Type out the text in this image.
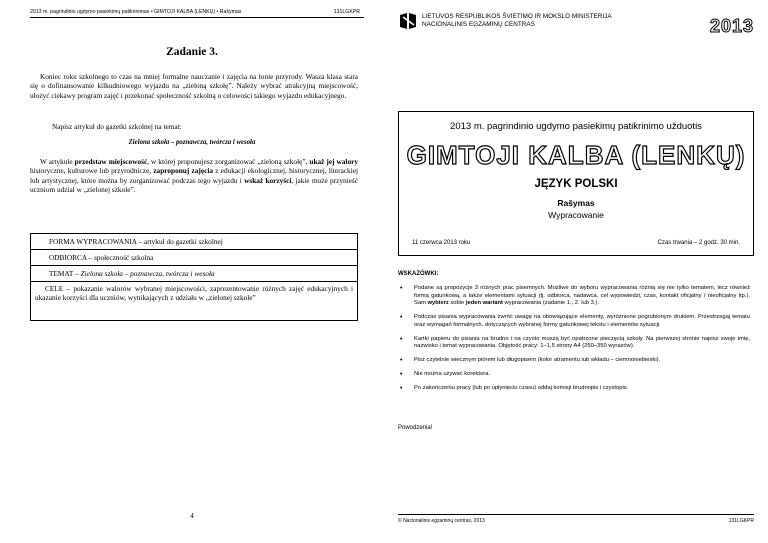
2013 m. pagrindinio ugdymo pasiekimų patikrinimas • GIMTOJI KALBA (LENKŲ) • Rašymas	131LGKPR
Zadanie 3.
Koniec roku szkolnego to czas na mniej formalne nauczanie i zajęcia na łonie przyrody. Wasza klasa stara się o dofinansowanie kilkudniowego wyjazdu na „zieloną szkołę”. Należy wybrać atrakcyjną miejscowość, ułożyć ciekawy program zajęć i przekonać społeczność szkolną o celowości takiego wyjazdu edukacyjnego.
Napisz artykuł do gazetki szkolnej na temat:
Zielona szkoła – poznawcza, twórcza i wesoła
W artykule przedstaw miejscowość, w której proponujesz zorganizować „zieloną szkołę”, ukaż jej walory historyczne, kulturowe lub przyrodnicze, zaproponuj zajęcia z edukacji ekologicznej, historycznej, literackiej lub artystycznej, które można by zorganizować podczas tego wyjazdu i wskaż korzyści, jakie może przynieść uczniom udział w „zielonej szkole”.
FORMA WYPRACOWANIA – artykuł do gazetki szkolnej
ODBIORCA – społeczność szkolna
TEMAT – Zielona szkoła – poznawcza, twórcza i wesoła
CELE – pokazanie walorów wybranej miejscowości, zaprezentowanie różnych zajęć edukacyjnych i ukazanie korzyści dla uczniów, wynikających z udziału w „zielonej szkole”
4
LIETUVOS RESPUBLIKOS ŠVIETIMO IR MOKSLO MINISTERIJA
NACIONALINIS EGZAMINŲ CENTRAS	2013
2013 m. pagrindinio ugdymo pasiekimų patikrinimo užduotis
GIMTOJI KALBA (LENKŲ)
JĘZYK POLSKI
Rašymas
Wypracowanie
11 czerwca 2013 roku	Czas trwania – 2 godz. 30 min.
WSKAZÓWKI:
• Podane są propozycje 3 różnych prac pisemnych. Możliwe do wyboru wypracowania różnią się nie tylko tematem, lecz również formą gatunkową, a także elementami sytuacji (tj. odbiorca, nadawca, cel wypowiedzi, czas, kontakt oficjalny / nieoficjalny itp.). Sam wybierz sobie jeden wariant wypracowania (zadanie 1., 2. lub 3.).
• Podczas pisania wypracowania zwróć uwagę na obowiązujące elementy, wyróżnione pogrubionym drukiem. Przestrzegaj tematu oraz wymagań formalnych, dotyczących wybranej formy gatunkowej tekstu i elementów sytuacji.
• Kartki papieru do pisania na brudno i na czysto muszą być opatrzone pieczęcią szkoły. Na pierwszej stronie napisz swoje imię, nazwisko i temat wypracowania. Objętość pracy: 1–1,5 strony A4 (250–350 wyrazów).
• Pisz czytelnie wiecznym piórem lub długopisem (kolor atramentu lub wkładu – ciemnoniebieski).
• Nie można używać korektora.
• Po zakończeniu pracy (lub po upłynięciu czasu) oddaj komisji brudnopis i czystopis.
Powodzenia!
© Nacionalinis egzaminų centras, 2013	131LGKPR
